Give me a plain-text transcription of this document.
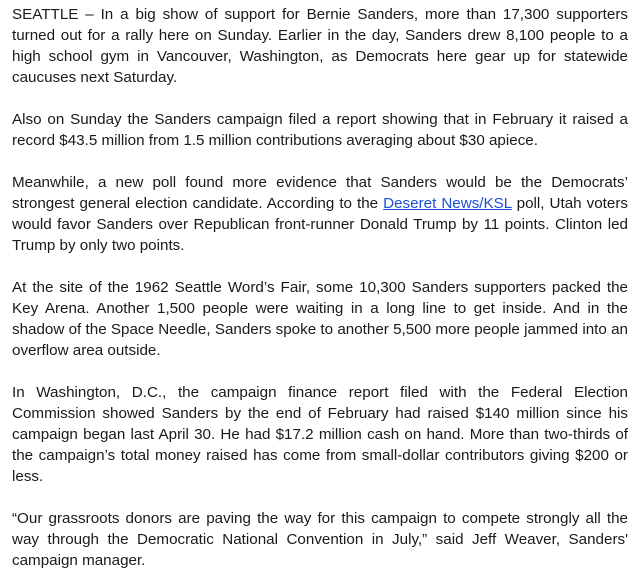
SEATTLE – In a big show of support for Bernie Sanders, more than 17,300 supporters turned out for a rally here on Sunday. Earlier in the day, Sanders drew 8,100 people to a high school gym in Vancouver, Washington, as Democrats here gear up for statewide caucuses next Saturday.

Also on Sunday the Sanders campaign filed a report showing that in February it raised a record $43.5 million from 1.5 million contributions averaging about $30 apiece.

Meanwhile, a new poll found more evidence that Sanders would be the Democrats’ strongest general election candidate. According to the Deseret News/KSL poll, Utah voters would favor Sanders over Republican front-runner Donald Trump by 11 points. Clinton led Trump by only two points.

At the site of the 1962 Seattle Word’s Fair, some 10,300 Sanders supporters packed the Key Arena. Another 1,500 people were waiting in a long line to get inside. And in the shadow of the Space Needle, Sanders spoke to another 5,500 more people jammed into an overflow area outside.

In Washington, D.C., the campaign finance report filed with the Federal Election Commission showed Sanders by the end of February had raised $140 million since his campaign began last April 30. He had $17.2 million cash on hand. More than two-thirds of the campaign’s total money raised has come from small-dollar contributors giving $200 or less.

“Our grassroots donors are paving the way for this campaign to compete strongly all the way through the Democratic National Convention in July,” said Jeff Weaver, Sanders' campaign manager.
